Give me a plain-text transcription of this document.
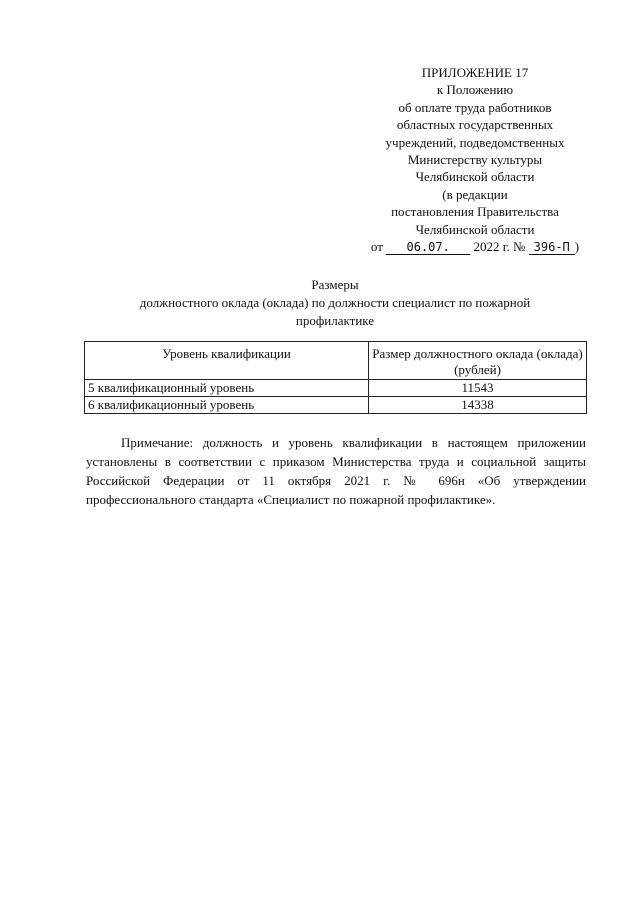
ПРИЛОЖЕНИЕ 17
к Положению
об оплате труда работников
областных государственных
учреждений, подведомственных
Министерству культуры
Челябинской области
(в редакции
постановления Правительства
Челябинской области
от 06.07. 2022 г. № 396-П )
Размеры
должностного оклада (оклада) по должности специалист по пожарной
профилактике
Уровень квалификации	Размер должностного оклада (оклада) (рублей)
5 квалификационный уровень	11543
6 квалификационный уровень	14338

Примечание: должность и уровень квалификации в настоящем приложении установлены в соответствии с приказом Министерства труда и социальной защиты Российской Федерации от 11 октября 2021 г. № 696н «Об утверждении профессионального стандарта «Специалист по пожарной профилактике».
